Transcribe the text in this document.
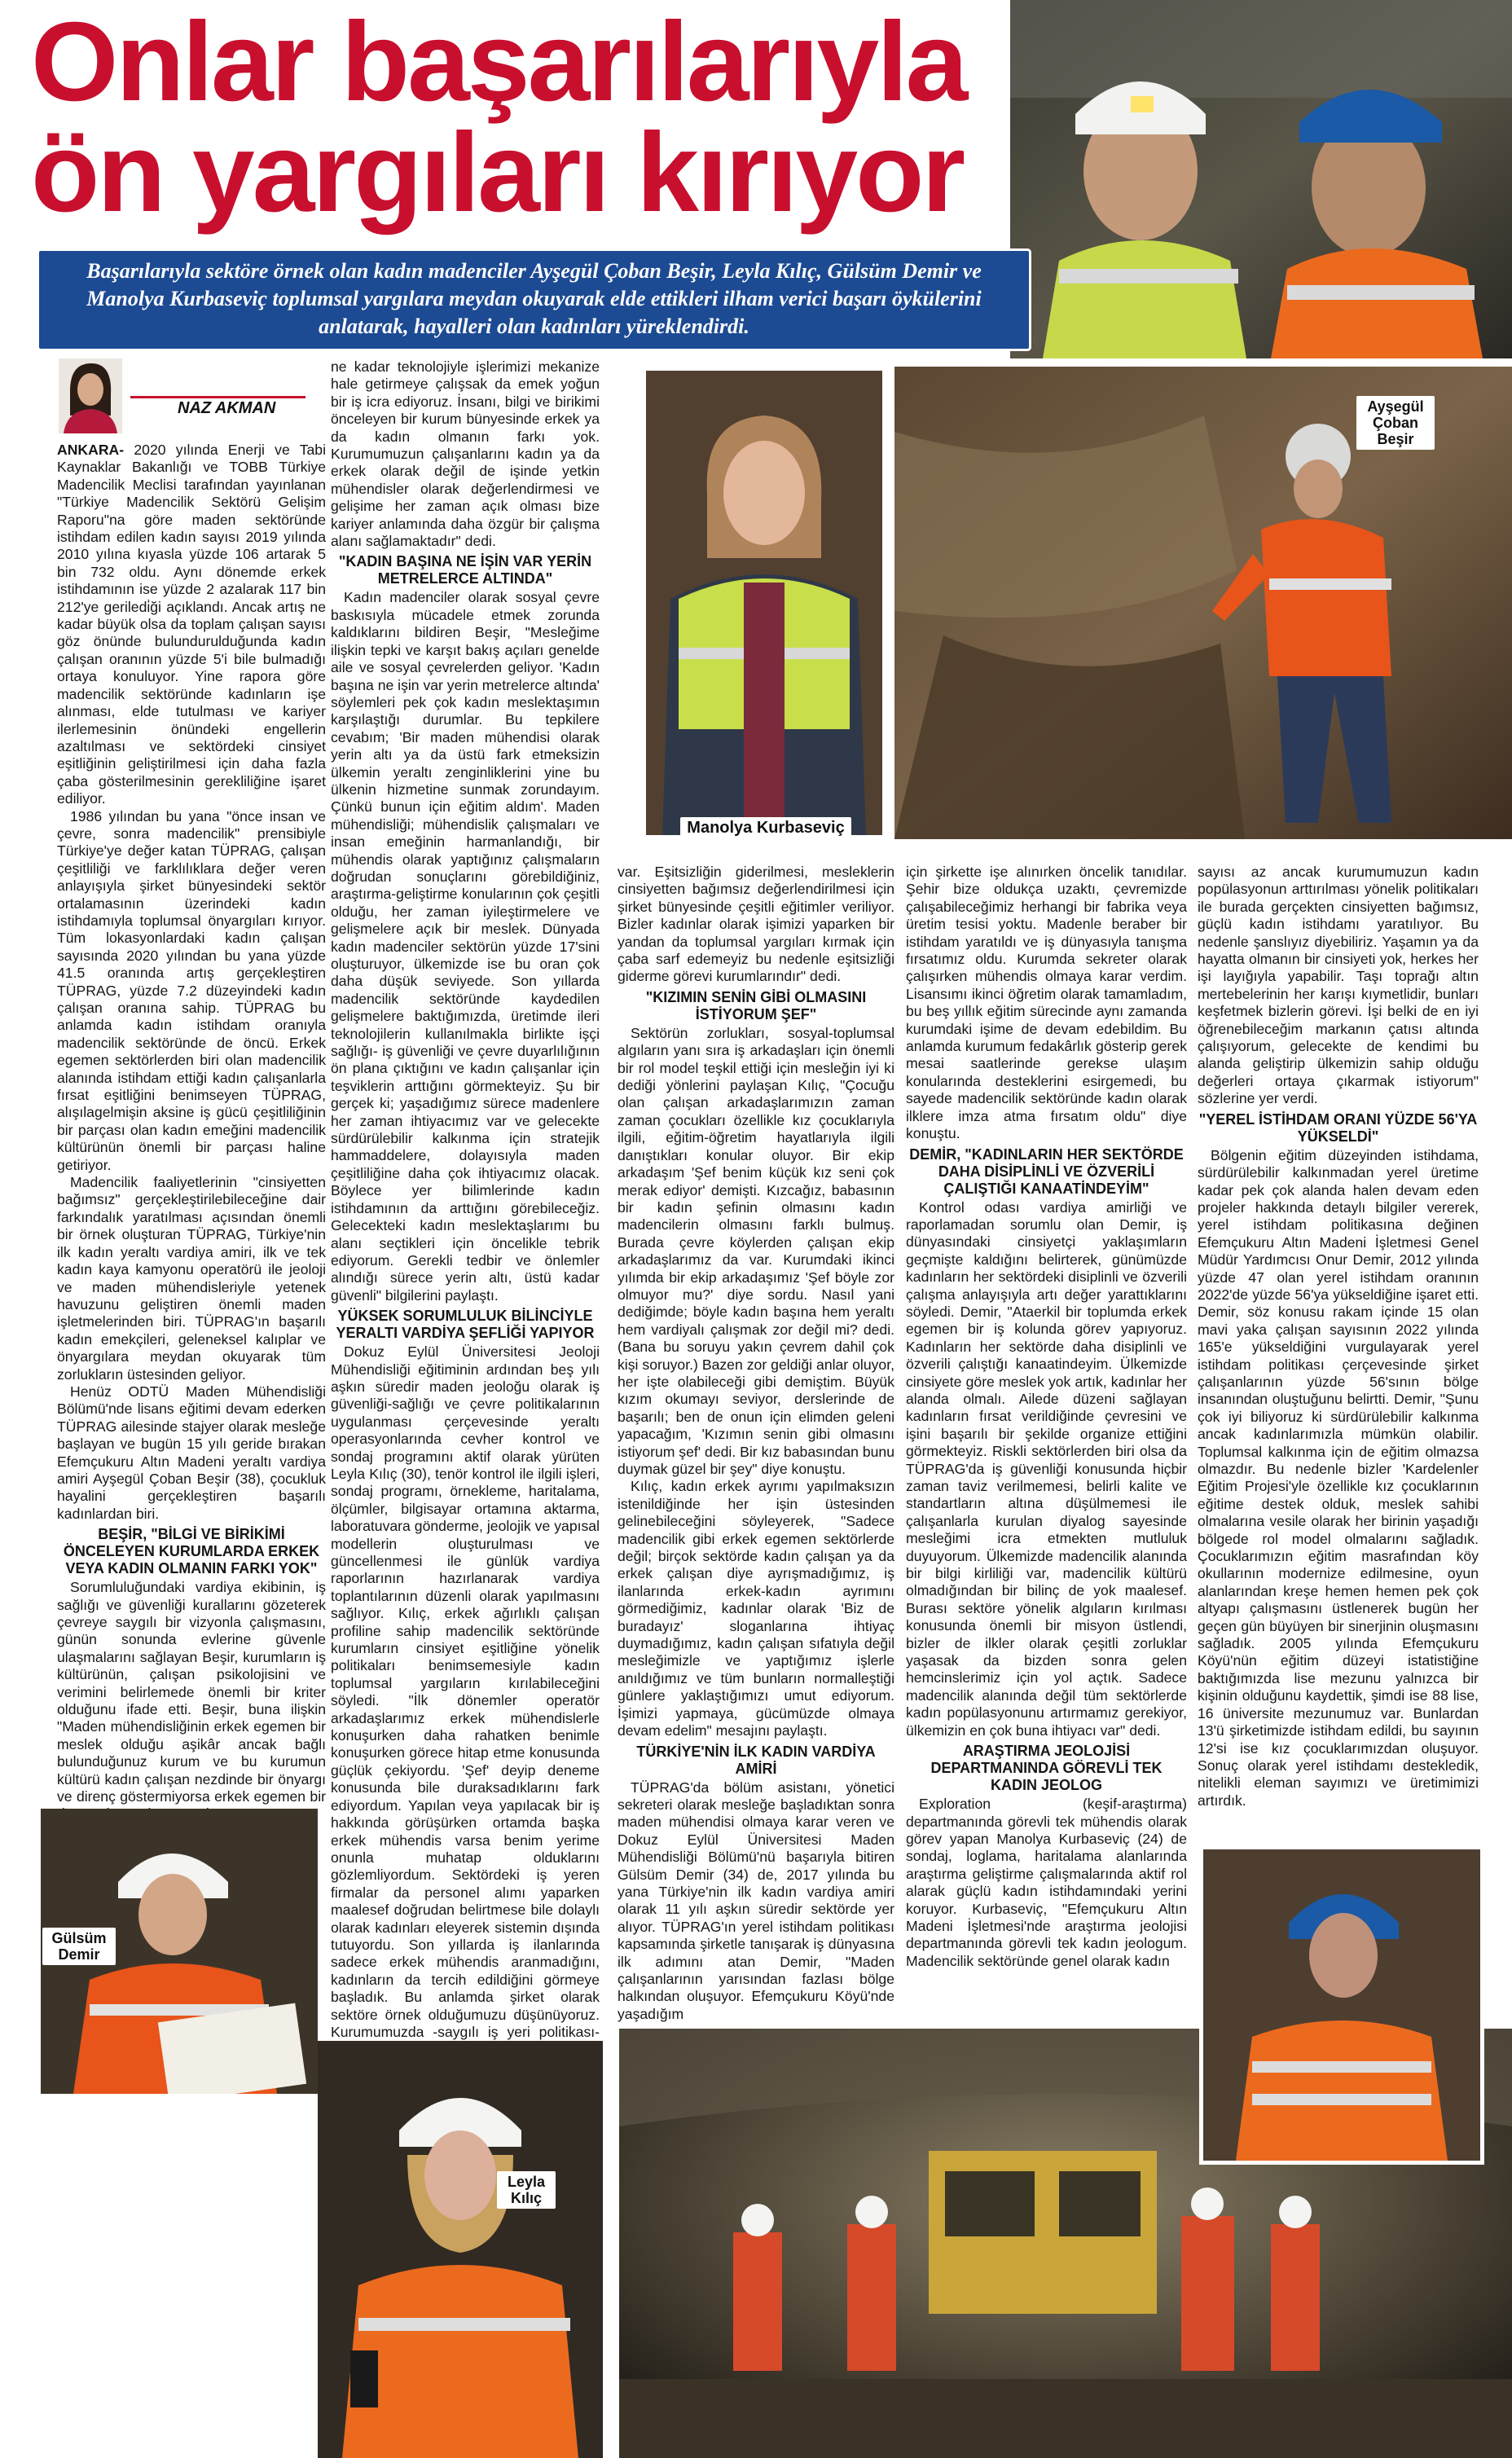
Onlar başarılarıyla
ön yargıları kırıyor

Başarılarıyla sektöre örnek olan kadın madenciler Ayşegül Çoban Beşir, Leyla Kılıç, Gülsüm Demir ve Manolya Kurbaseviç toplumsal yargılara meydan okuyarak elde ettikleri ilham verici başarı öykülerini anlatarak, hayalleri olan kadınları yüreklendirdi.

NAZ AKMAN

ANKARA- 2020 yılında Enerji ve Tabi Kaynaklar Bakanlığı ve TOBB Türkiye Madencilik Meclisi tarafından yayınlanan "Türkiye Madencilik Sektörü Gelişim Raporu"na göre maden sektöründe istihdam edilen kadın sayısı 2019 yılında 2010 yılına kıyasla yüzde 106 artarak 5 bin 732 oldu. Aynı dönemde erkek istihdamının ise yüzde 2 azalarak 117 bin 212'ye geriledi̇ği açıklandı. Ancak artış ne kadar büyük olsa da toplam çalışan sayısı göz önünde bulundurulduğunda kadın çalışan oranının yüzde 5'i bile bulmadığı ortaya konuluyor. Yine rapora göre madencilik sektöründe kadınların işe alınması, elde tutulması ve kariyer ilerlemesinin önündeki engellerin azaltılması ve sektördeki cinsiyet eşitliğinin geliştirilmesi için daha fazla çaba gösterilmesinin gerekliliğine işaret ediliyor.

1986 yılından bu yana "önce insan ve çevre, sonra madencilik" prensibiyle Türkiye'ye değer katan TÜPRAG, çalışan çeşitliliği ve farklılıklara değer veren anlayışıyla şirket bünyesindeki sektör ortalamasının üzerindeki kadın istihdamıyla toplumsal önyargıları kırıyor. Tüm lokasyonlardaki kadın çalışan sayısında 2020 yılından bu yana yüzde 41.5 oranında artış gerçekleştiren TÜPRAG, yüzde 7.2 düzeyindeki kadın çalışan oranına sahip. TÜPRAG bu anlamda kadın istihdam oranıyla madencilik sektöründe de öncü. Erkek egemen sektörlerden biri olan madencilik alanında istihdam ettiği kadın çalışanlarla fırsat eşitliğini benimseyen TÜPRAG, alışılagelmişin aksine iş gücü çeşitliliğinin bir parçası olan kadın emeğini madencilik kültürünün önemli bir parçası haline getiriyor.

Madencilik faaliyetlerinin "cinsiyetten bağımsız" gerçekleştirilebileceğine dair farkındalık yaratılması açısından önemli bir örnek oluşturan TÜPRAG, Türkiye'nin ilk kadın yeraltı vardiya amiri, ilk ve tek kadın kaya kamyonu operatörü ile jeoloji ve maden mühendisleriyle yetenek havuzunu geliştiren önemli maden işletmelerinden biri. TÜPRAG'ın başarılı kadın emekçileri, geleneksel kalıplar ve önyargılara meydan okuyarak tüm zorlukların üstesinden geliyor.

Henüz ODTÜ Maden Mühendisliği Bölümü'nde lisans eğitimi devam ederken TÜPRAG ailesinde stajyer olarak mesleğe başlayan ve bugün 15 yılı geride bırakan Efemçukuru Altın Madeni yeraltı vardiya amiri Ayşegül Çoban Beşir (38), çocukluk hayalini gerçekleştiren başarılı kadınlardan biri.

BEŞİR, "BİLGİ VE BİRİKİMİ ÖNCELEYEN KURUMLARDA ERKEK VEYA KADIN OLMANIN FARKI YOK"

Sorumluluğundaki vardiya ekibinin, iş sağlığı ve güvenliği kurallarını gözeterek çevreye saygılı bir vizyonla çalışmasını, günün sonunda evlerine güvenle ulaşmalarını sağlayan Beşir, kurumların iş kültürünün, çalışan psikolojisini ve verimini belirlemede önemli bir kriter olduğunu ifade etti. Beşir, buna ilişkin "Maden mühendisliğinin erkek egemen bir meslek olduğu aşikâr ancak bağlı bulunduğunuz kurum ve bu kurumun kültürü kadın çalışan nezdinde bir önyargı ve direnç göstermiyorsa erkek egemen bir

ne kadar teknolojiyle işlerimizi mekanize hale getirmeye çalışsak da emek yoğun bir iş icra ediyoruz. İnsanı, bilgi ve birikimi önceleyen bir kurum bünyesinde erkek ya da kadın olmanın farkı yok. Kurumumuzun çalışanlarını kadın ya da erkek olarak değil de işinde yetkin mühendisler olarak değerlendirmesi ve gelişime her zaman açık olması bize kariyer anlamında daha özgür bir çalışma alanı sağlamaktadır" dedi.

"KADIN BAŞINA NE İŞİN VAR YERİN METRELERCE ALTINDA"

Kadın madenciler olarak sosyal çevre baskısıyla mücadele etmek zorunda kaldıklarını bildiren Beşir, "Mesleğime ilişkin tepki ve karşıt bakış açıları genelde aile ve sosyal çevrelerden geliyor. 'Kadın başına ne işin var yerin metrelerce altında' söylemleri pek çok kadın meslektaşımın karşılaştığı durumlar. Bu tepkilere cevabım; 'Bir maden mühendisi olarak yerin altı ya da üstü fark etmeksizin ülkemin yeraltı zenginliklerini yine bu ülkenin hizmetine sunmak zorundayım. Çünkü bunun için eğitim aldım'. Maden mühendisliği; mühendislik çalışmaları ve insan emeğinin harmanlandığı, bir mühendis olarak yaptığınız çalışmaların doğrudan sonuçlarını görebildiğiniz, araştırma-geliştirme konularının çok çeşitli olduğu, her zaman iyileştirmelere ve gelişmelere açık bir meslek. Dünyada kadın madenciler sektörün yüzde 17'sini oluşturuyor, ülkemizde ise bu oran çok daha düşük seviyede. Son yıllarda madencilik sektöründe kaydedilen gelişmelere baktığımızda, üretimde ileri teknolojilerin kullanılmakla birlikte işçi sağlığı- iş güvenliği ve çevre duyarlılığının ön plana çıktığını ve kadın çalışanlar için teşviklerin arttığını görmekteyiz. Şu bir gerçek ki; yaşadığımız sürece madenlere her zaman ihtiyacımız var ve gelecekte sürdürülebilir kalkınma için stratejik hammaddelere, dolayısıyla maden çeşitliliğine daha çok ihtiyacımız olacak. Böylece yer bilimlerinde kadın istihdamının da arttığını görebileceğiz. Gelecekteki kadın meslektaşlarımı bu alanı seçtikleri için öncelikle tebrik ediyorum. Gerekli tedbir ve önlemler alındığı sürece yerin altı, üstü kadar güvenli" bilgilerini paylaştı.

YÜKSEK SORUMLULUK BİLİNCİYLE YERALTI VARDİYA ŞEFLİĞİ YAPIYOR

Dokuz Eylül Üniversitesi Jeoloji Mühendisliği eğitiminin ardından beş yılı aşkın süredir maden jeoloğu olarak iş güvenliği-sağlığı ve çevre politikalarının uygulanması çerçevesinde yeraltı operasyonlarında cevher kontrol ve sondaj programını aktif olarak yürüten Leyla Kılıç (30), tenör kontrol ile ilgili işleri, sondaj programı, örnekleme, haritalama, ölçümler, bilgisayar ortamına aktarma, laboratuvara gönderme, jeolojik ve yapısal modellerin oluşturulması ve güncellenmesi ile günlük vardiya raporlarının hazırlanarak vardiya toplantılarının düzenli olarak yapılmasını sağlıyor. Kılıç, erkek ağırlıklı çalışan profiline sahip madencilik sektöründe kurumların cinsiyet eşitliğine yönelik politikaları benimsemesiyle kadın toplumsal yargıların kırılabileceğini söyledi. "İlk dönemler operatör arkadaşlarımız erkek mühendislerle konuşurken daha rahatken benimle konuşurken görece hitap etme konusunda güçlük çekiyordu. 'Şef' deyip deneme konusunda bile duraksadıklarını fark ediyordum. Yapılan veya yapılacak bir iş hakkında görüşürken ortamda başka erkek mühendis varsa benim yerime onunla muhatap olduklarını gözlemliyordum. Sektördeki iş yeren firmalar da personel alımı yaparken maalesef doğrudan belirtmese bile dolaylı olarak kadınları eleyerek sistemin dışında tutuyordu. Son yıllarda iş ilanlarında sadece erkek mühendis aranmadığını, kadınların da tercih edildiğini görmeye başladık. Bu anlamda şirket olarak sektöre örnek olduğumuzu düşünüyoruz. Kurumumuzda -saygılı iş yeri politikası-

Manolya Kurbaseviç
Ayşegül Çoban Beşir

var. Eşitsizliğin giderilmesi, mesleklerin cinsiyetten bağımsız değerlendirilmesi için şirket bünyesinde çeşitli eğitimler veriliyor. Bizler kadınlar olarak işimizi yaparken bir yandan da toplumsal yargıları kırmak için çaba sarf edemeyiz bu nedenle eşitsizliği giderme görevi kurumlarındır" dedi.

"KIZIMIN SENİN GİBİ OLMASINI İSTİYORUM ŞEF"

Sektörün zorlukları, sosyal-toplumsal algıların yanı sıra iş arkadaşları için önemli bir rol model teşkil ettiği için mesleğin iyi ki dediği yönlerini paylaşan Kılıç, "Çocuğu olan çalışan arkadaşlarımızın zaman zaman çocukları özellikle kız çocuklarıyla ilgili, eğitim-öğretim hayatlarıyla ilgili danıştıkları konular oluyor. Bir ekip arkadaşım 'Şef benim küçük kız seni çok merak ediyor' demişti. Kızcağız, babasının bir kadın şefinin olmasını kadın madencilerin olmasını farklı bulmuş. Burada çevre köylerden çalışan ekip arkadaşlarımız da var. Kurumdaki ikinci yılımda bir ekip arkadaşımız 'Şef böyle zor olmuyor mu?' diye sordu. Nasıl yani dediğimde; böyle kadın başına hem yeraltı hem vardiyalı çalışmak zor değil mi? dedi. (Bana bu soruyu yakın çevrem dahil çok kişi soruyor.) Bazen zor geldiği anlar oluyor, her işte olabileceği gibi demiştim. Büyük kızım okumayı seviyor, derslerinde de başarılı; ben de onun için elimden geleni yapacağım, 'Kızımın senin gibi olmasını istiyorum şef' dedi. Bir kız babasından bunu duymak güzel bir şey" diye konuştu.

Kılıç, kadın erkek ayrımı yapılmaksızın istenildiğinde her işin üstesinden gelinebileceğini söyleyerek, "Sadece madencilik gibi erkek egemen sektörlerde değil; birçok sektörde kadın çalışan ya da erkek çalışan diye ayrışmadığımız, iş ilanlarında erkek-kadın ayrımını görmediğimiz, kadınlar olarak 'Biz de buradayız' sloganlarına ihtiyaç duymadığımız, kadın çalışan sıfatıyla değil mesleğimizle ve yaptığımız işlerle anıldığımız ve tüm bunların normalleştiği günlere yaklaştığımızı umut ediyorum. İşimizi yapmaya, gücümüzde olmaya devam edelim" mesajını paylaştı.

TÜRKİYE'NİN İLK KADIN VARDİYA AMİRİ

TÜPRAG'da bölüm asistanı, yönetici sekreteri olarak mesleğe başladıktan sonra maden mühendisi olmaya karar veren ve Dokuz Eylül Üniversitesi Maden Mühendisliği Bölümü'nü başarıyla bitiren Gülsüm Demir (34) de, 2017 yılında bu yana Türkiye'nin ilk kadın vardiya amiri olarak 11 yılı aşkın süredir sektörde yer alıyor. TÜPRAG'ın yerel istihdam politikası kapsamında şirketle tanışarak iş dünyasına ilk adımını atan Demir, "Maden çalışanlarının yarısından fazlası bölge halkından oluşuyor. Efemçukuru Köyü'nde yaşadığım

için şirkette işe alınırken öncelik tanıdılar. Şehir bize oldukça uzaktı, çevremizde çalışabileceğimiz herhangi bir fabrika veya üretim tesisi yoktu. Madenle beraber bir istihdam yaratıldı ve iş dünyasıyla tanışma fırsatımız oldu. Kurumda sekreter olarak çalışırken mühendis olmaya karar verdim. Lisansımı ikinci öğretim olarak tamamladım, bu beş yıllık eğitim sürecinde aynı zamanda kurumdaki işime de devam edebildim. Bu anlamda kurumum fedakârlık gösterip gerek mesai saatlerinde gerekse ulaşım konularında desteklerini esirgemedi, bu sayede madencilik sektöründe kadın olarak ilklere imza atma fırsatım oldu" diye konuştu.

DEMİR, "KADINLARIN HER SEKTÖRDE DAHA DİSİPLİNLİ VE ÖZVERİLİ ÇALIŞTIĞI KANAATİNDEYİM"

Kontrol odası vardiya amirliği ve raporlamadan sorumlu olan Demir, iş dünyasındaki cinsiyetçi yaklaşımların geçmişte kaldığını belirterek, günümüzde kadınların her sektördeki disiplinli ve özverili çalışma anlayışıyla artı değer yarattıklarını söyledi. Demir, "Ataerkil bir toplumda erkek egemen bir iş kolunda görev yapıyoruz. Kadınların her sektörde daha disiplinli ve özverili çalıştığı kanaatindeyim. Ülkemizde cinsiyete göre meslek yok artık, kadınlar her alanda olmalı. Ailede düzeni sağlayan kadınların fırsat verildiğinde çevresini ve işini başarılı bir şekilde organize ettiğini görmekteyiz. Riskli sektörlerden biri olsa da TÜPRAG'da iş güvenliği konusunda hiçbir zaman taviz verilmemesi, belirli kalite ve standartların altına düşülmemesi ile çalışanlarla kurulan diyalog sayesinde mesleğimi icra etmekten mutluluk duyuyorum. Ülkemizde madencilik alanında bir bilgi kirliliği var, madencilik kültürü olmadığından bir bilinç de yok maalesef. Burası sektöre yönelik algıların kırılması konusunda önemli bir misyon üstlendi, bizler de ilkler olarak çeşitli zorluklar yaşasak da bizden sonra gelen hemcinslerimiz için yol açtık. Sadece madencilik alanında değil tüm sektörlerde kadın popülasyonunu artırmamız gerekiyor, ülkemizin en çok buna ihtiyacı var" dedi.

ARAŞTIRMA JEOLOJİSİ DEPARTMANINDA GÖREVLİ TEK KADIN JEOLOG

Exploration (keşif-araştırma) departmanında görevli tek mühendis olarak görev yapan Manolya Kurbaseviç (24) de sondaj, loglama, haritalama alanlarında araştırma geliştirme çalışmalarında aktif rol alarak güçlü kadın istihdamındaki yerini koruyor. Kurbaseviç, "Efemçukuru Altın Madeni İşletmesi'nde araştırma jeolojisi departmanında görevli tek kadın jeologum. Madencilik sektöründe genel olarak kadın

sayısı az ancak kurumumuzun kadın popülasyonun arttırılması yönelik politikaları ile burada gerçekten cinsiyetten bağımsız, güçlü kadın istihdamı yaratılıyor. Bu nedenle şanslıyız diyebiliriz. Yaşamın ya da hayatta olmanın bir cinsiyeti yok, herkes her işi layığıyla yapabilir. Taşı toprağı altın mertebelerinin her karışı kıymetlidir, bunları keşfetmek bizlerin görevi. İşi belki de en iyi öğrenebileceğim markanın çatısı altında çalışıyorum, gelecekte de kendimi bu alanda geliştirip ülkemizin sahip olduğu değerleri ortaya çıkarmak istiyorum" sözlerine yer verdi.

"YEREL İSTİHDAM ORANI YÜZDE 56'YA YÜKSELDİ"

Bölgenin eğitim düzeyinden istihdama, sürdürülebilir kalkınmadan yerel üretime kadar pek çok alanda halen devam eden projeler hakkında detaylı bilgiler vererek, yerel istihdam politikasına değinen Efemçukuru Altın Madeni İşletmesi Genel Müdür Yardımcısı Onur Demir, 2012 yılında yüzde 47 olan yerel istihdam oranının 2022'de yüzde 56'ya yükseldiğine işaret etti. Demir, söz konusu rakam içinde 15 olan mavi yaka çalışan sayısının 2022 yılında 165'e yükseldiğini vurgulayarak yerel istihdam politikası çerçevesinde şirket çalışanlarının yüzde 56'sının bölge insanından oluştuğunu belirtti. Demir, "Şunu çok iyi biliyoruz ki sürdürülebilir kalkınma ancak kadınlarımızla mümkün olabilir. Toplumsal kalkınma için de eğitim olmazsa olmazdır. Bu nedenle bizler 'Kardelenler Eğitim Projesi'yle özellikle kız çocuklarının eğitime destek olduk, meslek sahibi olmalarına vesile olarak her birinin yaşadığı bölgede rol model olmalarını sağladık. Çocuklarımızın eğitim masrafından köy okullarının modernize edilmesine, oyun alanlarından kreşe hemen hemen pek çok altyapı çalışmasını üstlenerek bugün her geçen gün büyüyen bir sinerjinin oluşmasını sağladık. 2005 yılında Efemçukuru Köyü'nün eğitim düzeyi istatistiğine baktığımızda lise mezunu yalnızca bir kişinin olduğunu kaydettik, şimdi ise 88 lise, 16 üniversite mezunumuz var. Bunlardan 13'ü şirketimizde istihdam edildi, bu sayının 12'si ise kız çocuklarımızdan oluşuyor. Sonuç olarak yerel istihdamı destekledik, nitelikli eleman sayımızı ve üretimimizi artırdık.

Gülsüm Demir
Leyla Kılıç
